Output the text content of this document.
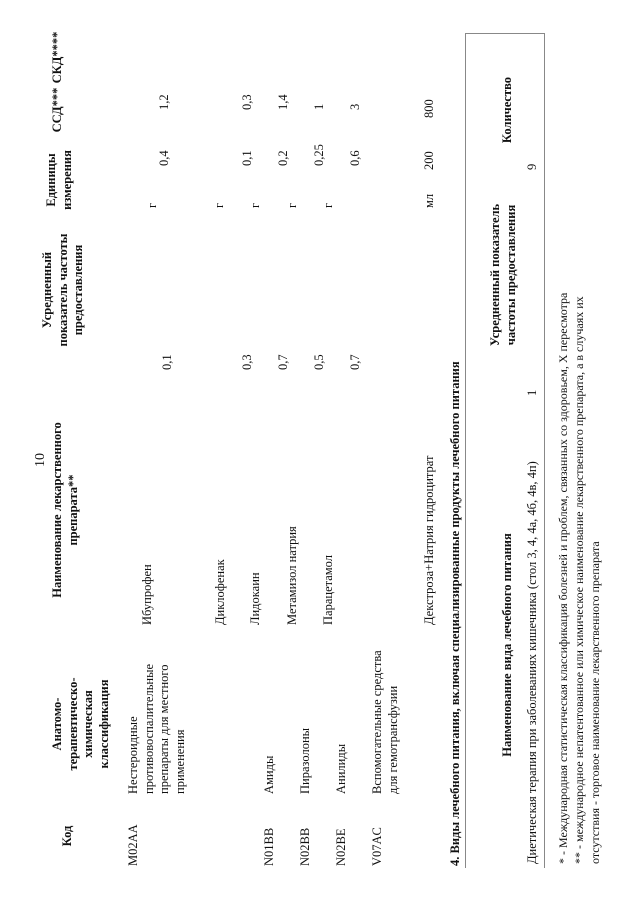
10
Код
Анатомо-терапевтическо-химическая классификация
Наименование лекарственного препарата**
Усредненный показатель частоты предоставления
Единицы измерения
ССД***
СКД****
M02AA
Нестероидные противовоспалительные препараты для местного применения
Ибупрофен
0,1
г
0,4
1,2
Диклофенак
0,3
г
0,1
0,3
N01BB
Амиды
Лидокаин
0,7
г
0,2
1,4
N02BB
Пиразолоны
Метамизол натрия
0,5
г
0,25
1
N02BE
Анилиды
Парацетамол
0,7
г
0,6
3
V07AC
Вспомогательные средства для гемотрансфузии
Декстроза+Натрия гидроцитрат
мл
200
800
4. Виды лечебного питания, включая специализированные продукты лечебного питания	Наименование вида лечебного питания
Усредненный показатель частоты предоставления
Количество
Диетическая терапия при заболеваниях кишечника (стол 3, 4, 4а, 4б, 4в, 4п)
1
9
* - Международная статистическая классификация болезней и проблем, связанных со здоровьем, X пересмотра ** - международное непатентованное или химическое наименование лекарственного препарата, а в случаях их отсутствия - торговое наименование лекарственного препарата
